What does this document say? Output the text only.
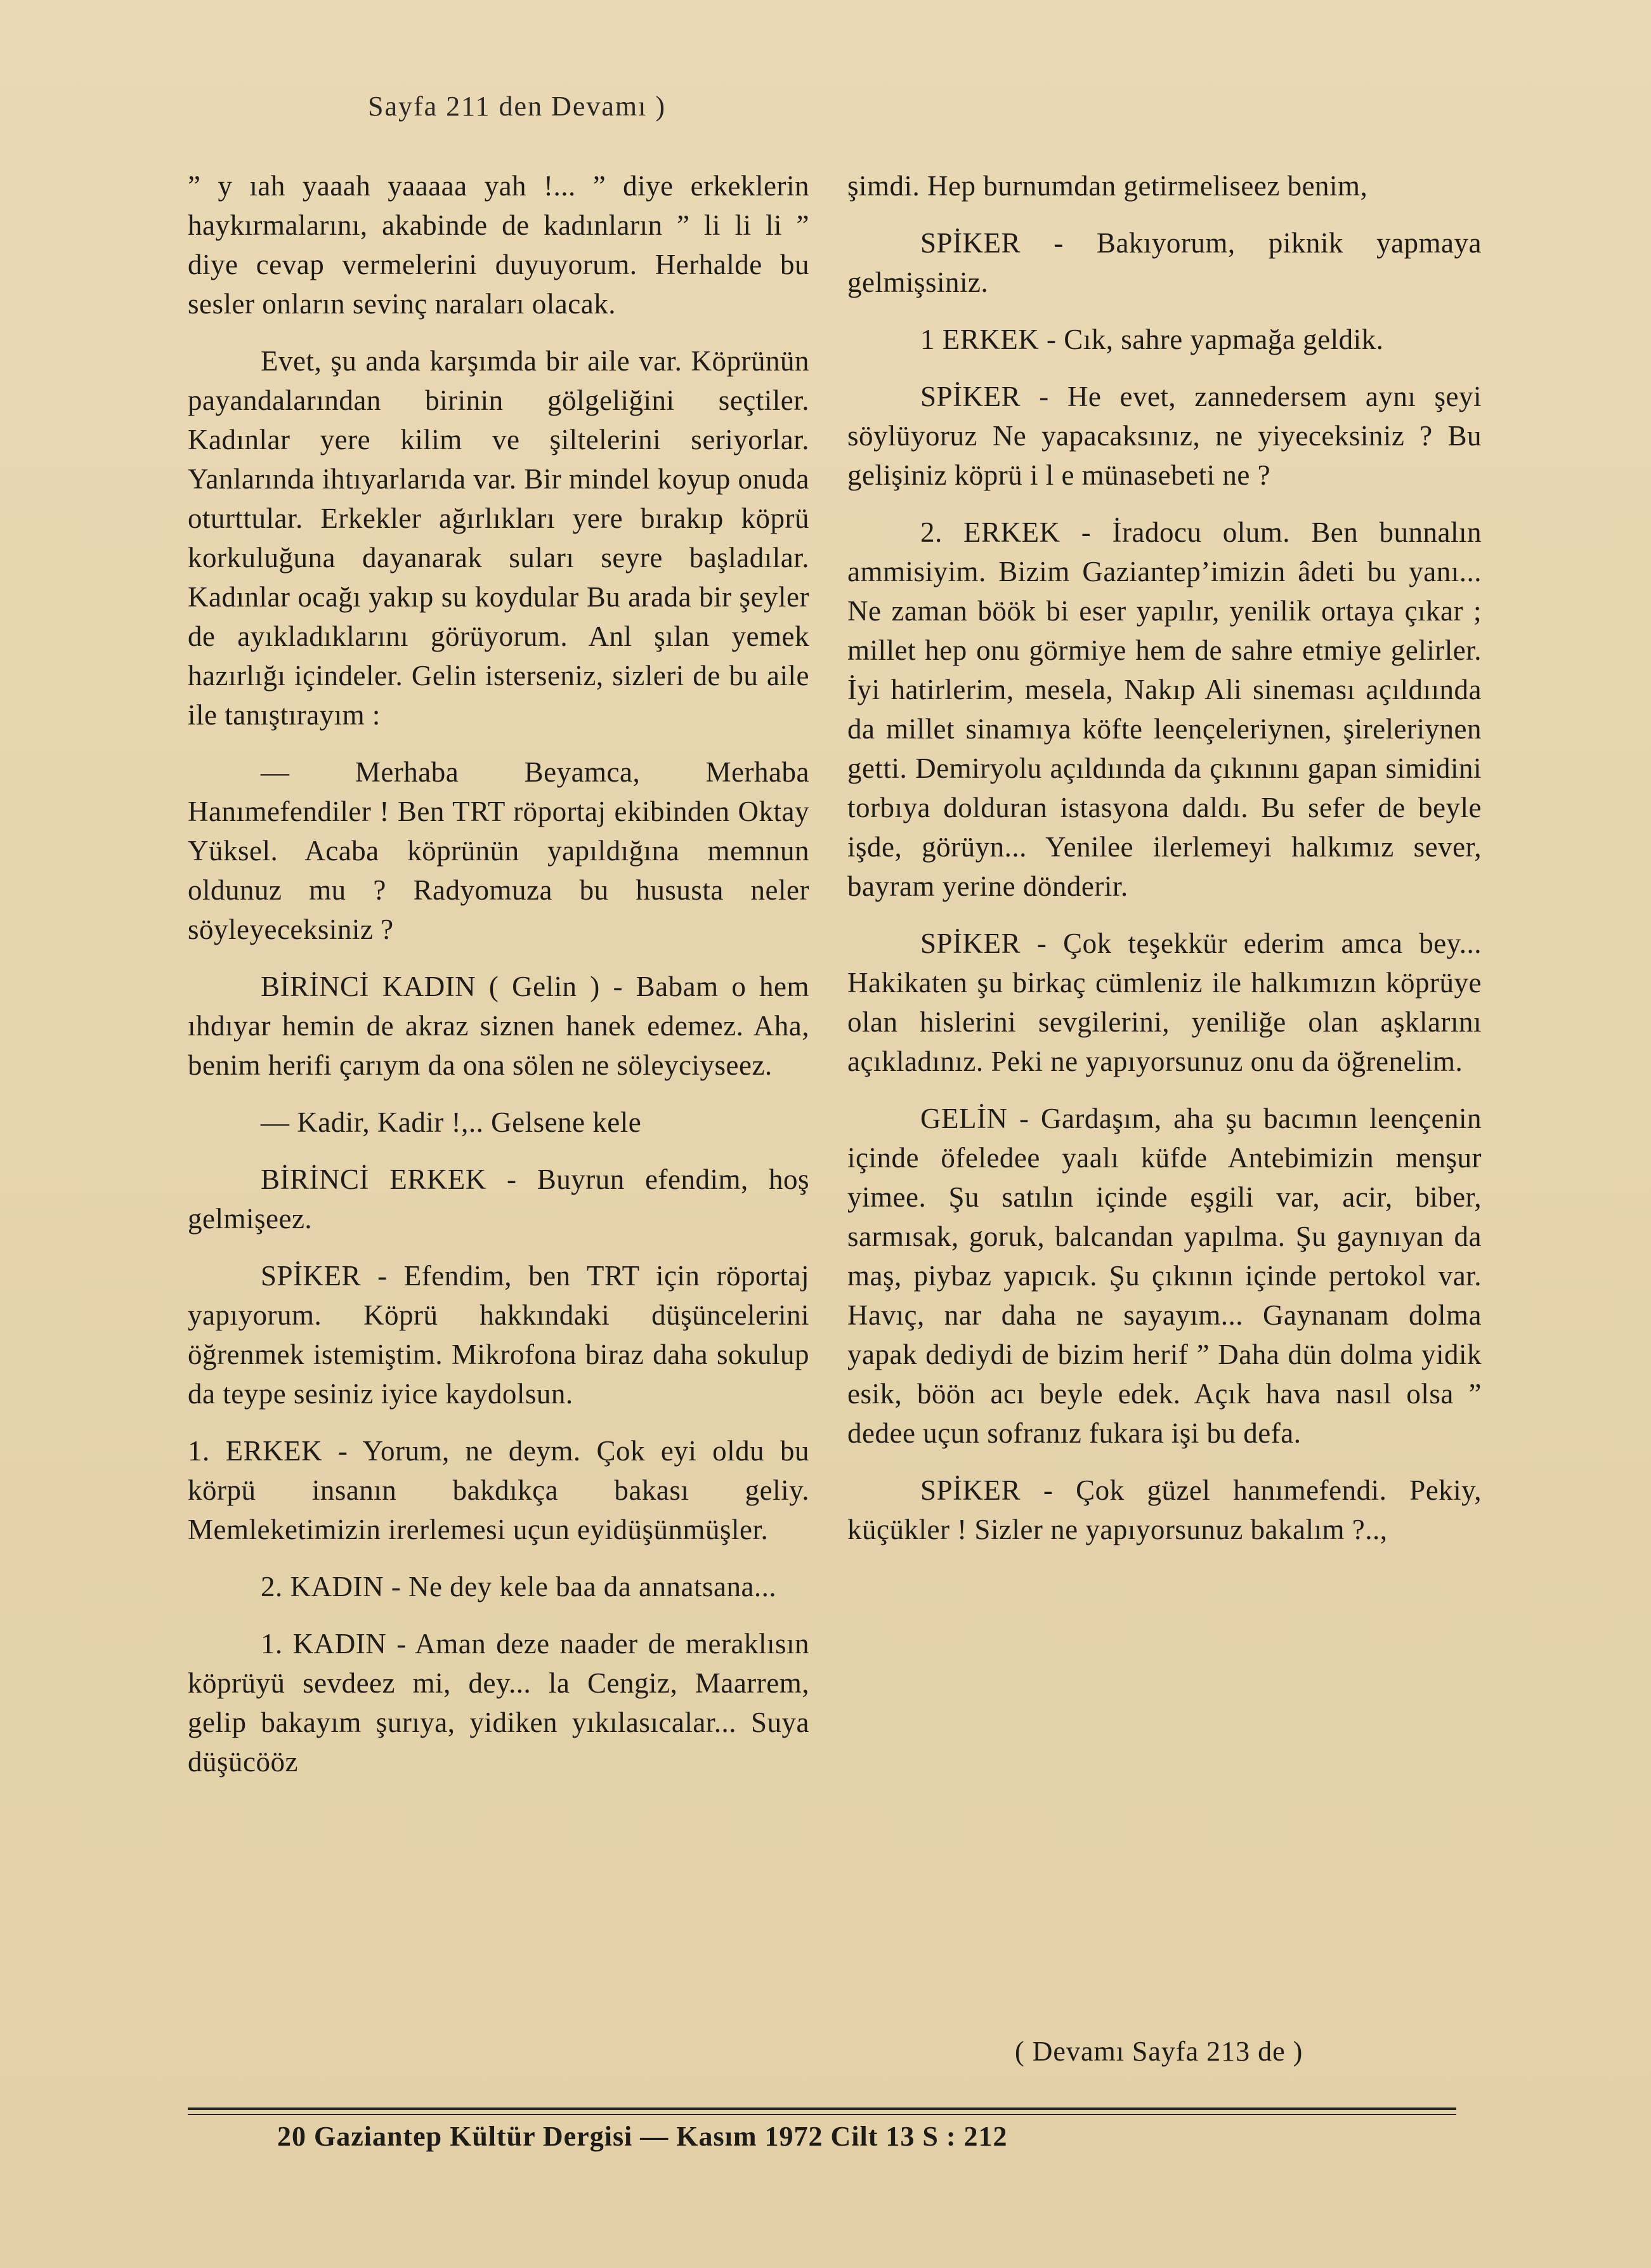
Sayfa 211 den Devamı )

” y ıah yaaah yaaaaa yah !... ” diye erkeklerin haykırmalarını, akabinde de kadınların ” li li li ” diye cevap vermelerini duyuyorum. Herhalde bu sesler onların sevinç naraları olacak.

Evet, şu anda karşımda bir aile var. Köprünün payandalarından birinin gölgeliğini seçtiler. Kadınlar yere kilim ve şiltelerini seriyorlar. Yanlarında ihtıyarlarıda var. Bir mindel koyup onuda oturttular. Erkekler ağırlıkları yere bırakıp köprü korkuluğuna dayanarak suları seyre başladılar. Kadınlar ocağı yakıp su koydular Bu arada bir şeyler de ayıkladıklarını görüyorum. Anl şılan yemek hazırlığı içindeler. Gelin isterseniz, sizleri de bu aile ile tanıştırayım :

— Merhaba Beyamca, Merhaba Hanımefendiler ! Ben TRT röportaj ekibinden Oktay Yüksel. Acaba köprünün yapıldığına memnun oldunuz mu ? Radyomuza bu hususta neler söyleyeceksiniz ?

BİRİNCİ KADIN ( Gelin ) - Babam o hem ıhdıyar hemin de akraz siznen hanek edemez. Aha, benim herifi çarıym da ona sölen ne söleyciyseez.

— Kadir, Kadir !,.. Gelsene kele

BİRİNCİ ERKEK - Buyrun efendim, hoş gelmişeez.

SPİKER - Efendim, ben TRT için röportaj yapıyorum. Köprü hakkındaki düşüncelerini öğrenmek istemiştim. Mikrofona biraz daha sokulup da teype sesiniz iyice kaydolsun.

1. ERKEK - Yorum, ne deym. Çok eyi oldu bu körpü insanın bakdıkça bakası geliy. Memleketimizin irerlemesi uçun eyidüşünmüşler.

2. KADIN - Ne dey kele baa da annatsana...

1. KADIN - Aman deze naader de meraklısın köprüyü sevdeez mi, dey... la Cengiz, Maarrem, gelip bakayım şurıya, yidiken yıkılasıcalar... Suya düşücööz

şimdi. Hep burnumdan getirmeliseez benim,

SPİKER - Bakıyorum, piknik yapmaya gelmişsiniz.

1 ERKEK - Cık, sahre yapmağa geldik.

SPİKER - He evet, zannedersem aynı şeyi söylüyoruz Ne yapacaksınız, ne yiyeceksiniz ? Bu gelişiniz köprü i l e münasebeti ne ?

2. ERKEK - İradocu olum. Ben bunnalın ammisiyim. Bizim Gaziantep’imizin âdeti bu yanı... Ne zaman böök bi eser yapılır, yenilik ortaya çıkar ; millet hep onu görmiye hem de sahre etmiye gelirler. İyi hatirlerim, mesela, Nakıp Ali sineması açıldıında da millet sinamıya köfte leençeleriynen, şireleriynen getti. Demiryolu açıldıında da çıkınını gapan simidini torbıya dolduran istasyona daldı. Bu sefer de beyle işde, görüyn... Yenilee ilerlemeyi halkımız sever, bayram yerine dönderir.

SPİKER - Çok teşekkür ederim amca bey... Hakikaten şu birkaç cümleniz ile halkımızın köprüye olan hislerini sevgilerini, yeniliğe olan aşklarını açıkladınız. Peki ne yapıyorsunuz onu da öğrenelim.

GELİN - Gardaşım, aha şu bacımın leençenin içinde öfeledee yaalı küfde Antebimizin menşur yimee. Şu satılın içinde eşgili var, acir, biber, sarmısak, goruk, balcandan yapılma. Şu gaynıyan da maş, piybaz yapıcık. Şu çıkının içinde pertokol var. Havıç, nar daha ne sayayım... Gaynanam dolma yapak dediydi de bizim herif ” Daha dün dolma yidik esik, böön acı beyle edek. Açık hava nasıl olsa ” dedee uçun sofranız fukara işi bu defa.

SPİKER - Çok güzel hanımefendi. Pekiy, küçükler ! Sizler ne yapıyorsunuz bakalım ?..,

( Devamı Sayfa 213 de )
20 Gaziantep Kültür Dergisi — Kasım 1972 Cilt 13 S : 212
